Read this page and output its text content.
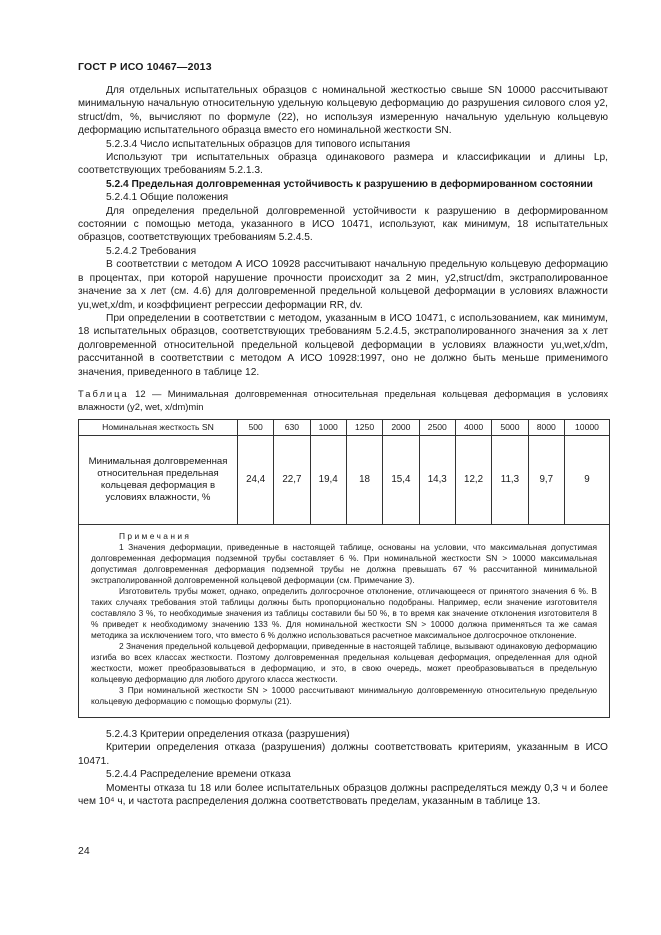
ГОСТ Р ИСО 10467—2013

Для отдельных испытательных образцов с номинальной жесткостью свыше SN 10000 рассчитывают минимальную начальную относительную удельную кольцевую деформацию до разрушения силового слоя y2, struct/dm, %, вычисляют по формуле (22), но используя измеренную начальную удельную кольцевую деформацию испытательного образца вместо его номинальной жесткости SN.

5.2.3.4 Число испытательных образцов для типового испытания

Используют три испытательных образца одинакового размера и классификации и длины Lp, соответствующих требованиям 5.2.1.3.

5.2.4 Предельная долговременная устойчивость к разрушению в деформированном состоянии

5.2.4.1 Общие положения

Для определения предельной долговременной устойчивости к разрушению в деформированном состоянии с помощью метода, указанного в ИСО 10471, используют, как минимум, 18 испытательных образцов, соответствующих требованиям 5.2.4.5.

5.2.4.2 Требования

В соответствии с методом А ИСО 10928 рассчитывают начальную предельную кольцевую деформацию в процентах, при которой нарушение прочности происходит за 2 мин, y2,struct/dm, экстраполированное значение за x лет (см. 4.6) для долговременной предельной кольцевой деформации в условиях влажности yu,wet,x/dm, и коэффициент регрессии деформации RR, dv.

При определении в соответствии с методом, указанным в ИСО 10471, с использованием, как минимум, 18 испытательных образцов, соответствующих требованиям 5.2.4.5, экстраполированного значения за x лет долговременной относительной предельной кольцевой деформации в условиях влажности yu,wet,x/dm, рассчитанной в соответствии с методом А ИСО 10928:1997, оно не должно быть меньше применимого значения, приведенного в таблице 12.

Таблица 12 — Минимальная долговременная относительная предельная кольцевая деформация в условиях влажности (y2, wet, x/dm)min
Номинальная жесткость SN	500	630	1000	1250	2000	2500	4000	5000	8000	10000
Минимальная долговременная относительная предельная кольцевая деформация в условиях влажности, %	24,4	22,7	19,4	18	15,4	14,3	12,2	11,3	9,7	9

Примечания

1 Значения деформации, приведенные в настоящей таблице, основаны на условии, что максимальная допустимая долговременная деформация подземной трубы составляет 6 %. При номинальной жесткости SN > 10000 максимальная допустимая долговременная деформация подземной трубы не должна превышать 67 % рассчитанной минимальной экстраполированной долговременной кольцевой деформации (см. Примечание 3).

Изготовитель трубы может, однако, определить долгосрочное отклонение, отличающееся от принятого значения 6 %. В таких случаях требования этой таблицы должны быть пропорционально подобраны. Например, если значение изготовителя составляло 3 %, то необходимые значения из таблицы составили бы 50 %, в то время как значение отклонения изготовителя 8 % приведет к необходимому значению 133 %. Для номинальной жесткости SN > 10000 должна применяться та же самая методика за исключением того, что вместо 6 % должно использоваться расчетное максимальное долгосрочное отклонение.

2 Значения предельной кольцевой деформации, приведенные в настоящей таблице, вызывают одинаковую деформацию изгиба во всех классах жесткости. Поэтому долговременная предельная кольцевая деформация, определенная для одной жесткости, может преобразовываться в деформацию, и это, в свою очередь, может преобразовываться в предельную кольцевую деформацию для любого другого класса жесткости.

3 При номинальной жесткости SN > 10000 рассчитывают минимальную долговременную относительную предельную кольцевую деформацию с помощью формулы (21).										

5.2.4.3 Критерии определения отказа (разрушения)

Критерии определения отказа (разрушения) должны соответствовать критериям, указанным в ИСО 10471.

5.2.4.4 Распределение времени отказа

Моменты отказа tu 18 или более испытательных образцов должны распределяться между 0,3 ч и более чем 10⁴ ч, и частота распределения должна соответствовать пределам, указанным в таблице 13.

24
